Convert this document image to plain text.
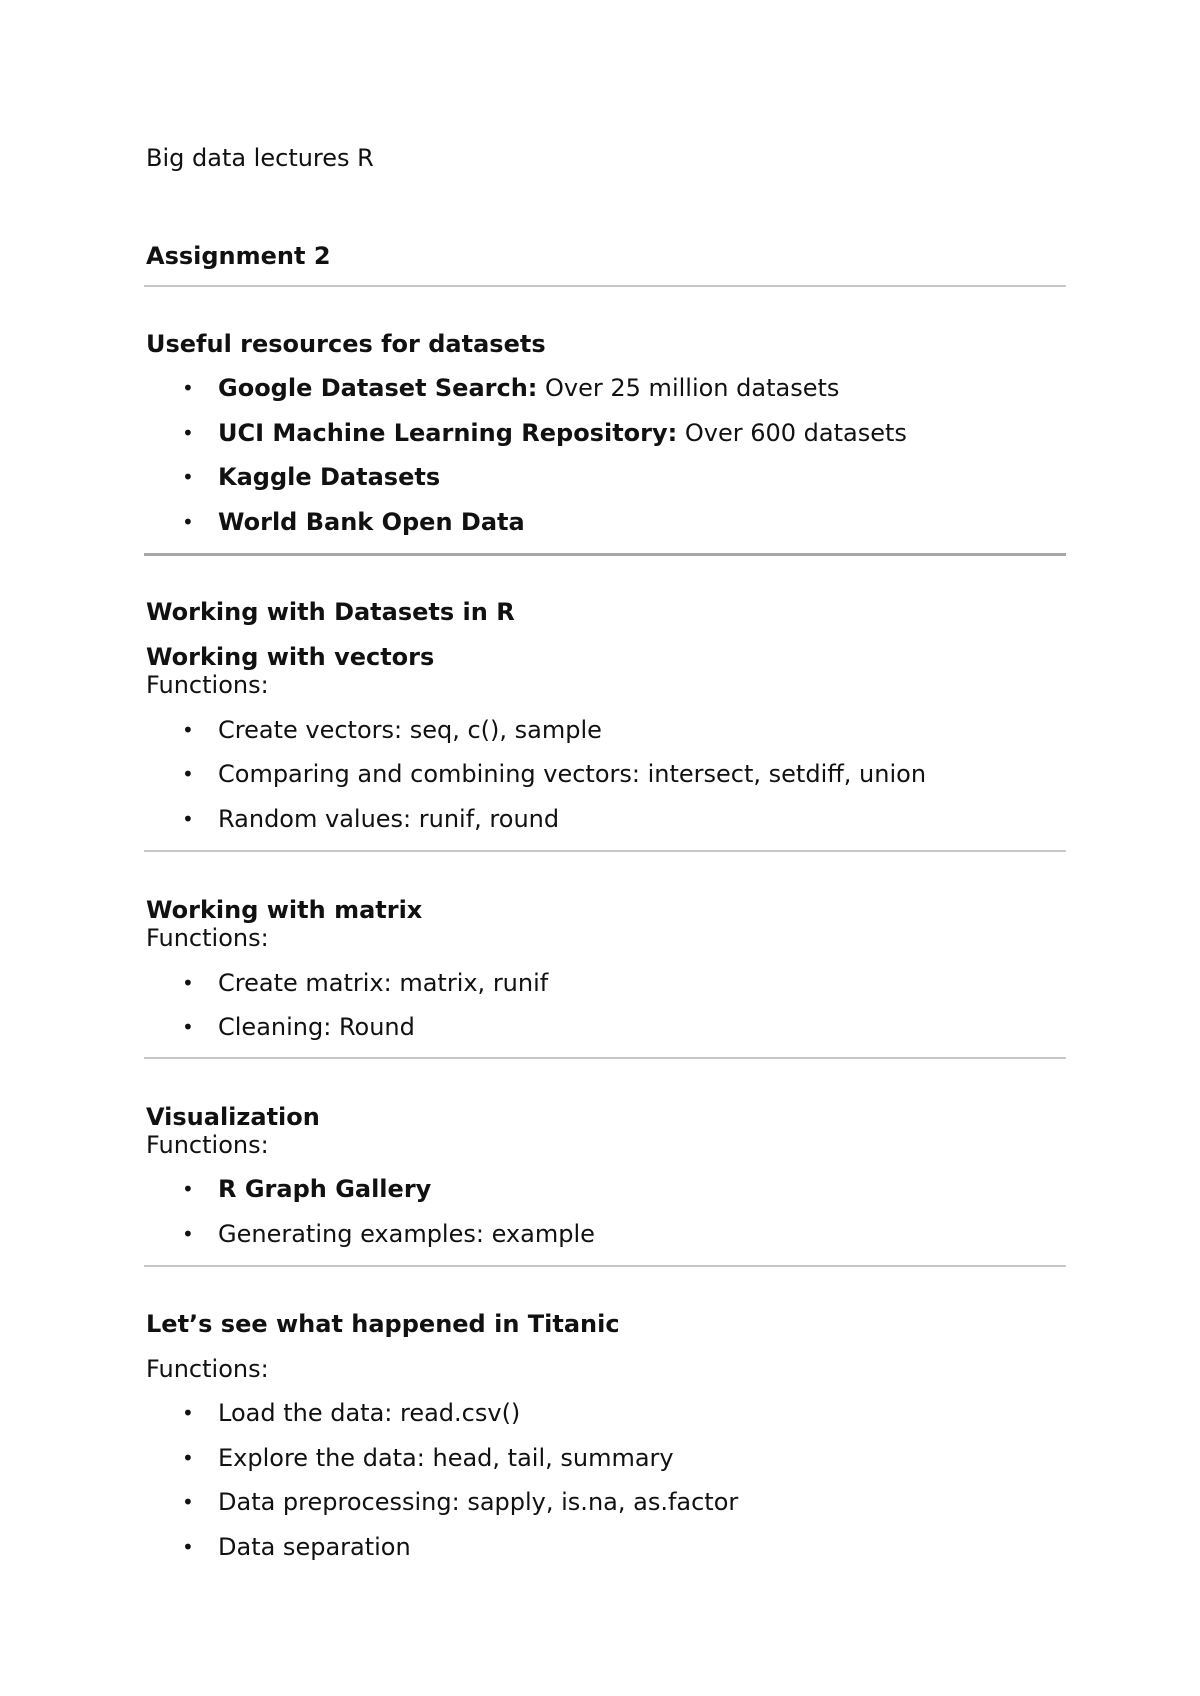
Big data lectures R
Assignment 2
Useful resources for datasets
• Google Dataset Search: Over 25 million datasets
• UCI Machine Learning Repository: Over 600 datasets
• Kaggle Datasets
• World Bank Open Data
Working with Datasets in R
Working with vectors
Functions:
• Create vectors: seq, c(), sample
• Comparing and combining vectors: intersect, setdiff, union
• Random values: runif, round
Working with matrix
Functions:
• Create matrix: matrix, runif
• Cleaning: Round
Visualization
Functions:
• R Graph Gallery
• Generating examples: example
Let’s see what happened in Titanic
Functions:
• Load the data: read.csv()
• Explore the data: head, tail, summary
• Data preprocessing: sapply, is.na, as.factor
• Data separation
